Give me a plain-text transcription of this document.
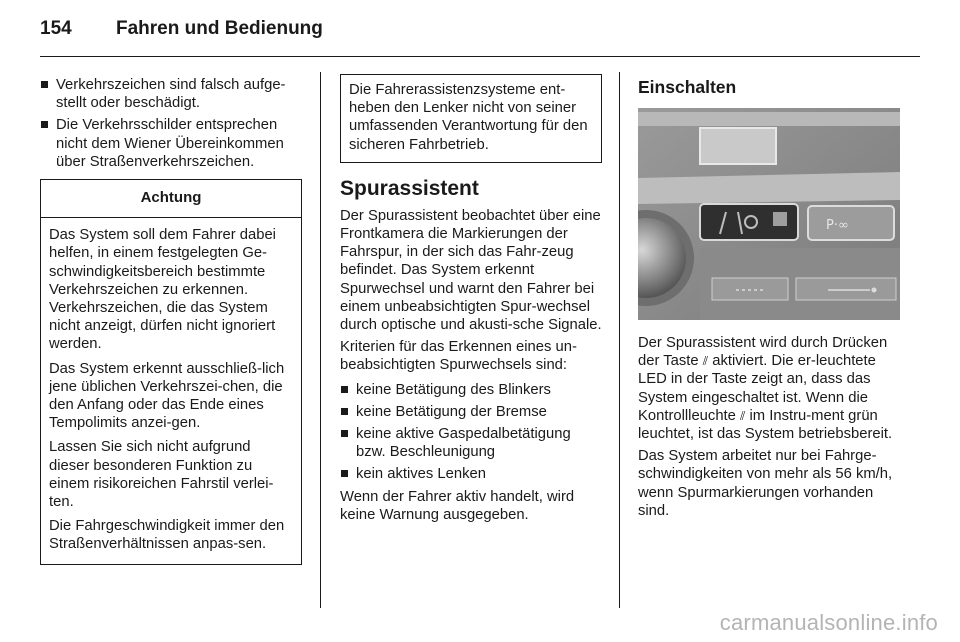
154	Fahren und Bedienung
Verkehrszeichen sind falsch aufge-stellt oder beschädigt.
Die Verkehrsschilder entsprechen nicht dem Wiener Übereinkommen über Straßenverkehrszeichen.
Achtung

Das System soll dem Fahrer dabei helfen, in einem festgelegten Ge-schwindigkeitsbereich bestimmte Verkehrszeichen zu erkennen. Verkehrszeichen, die das System nicht anzeigt, dürfen nicht ignoriert werden.

Das System erkennt ausschließ-lich jene üblichen Verkehrszei-chen, die den Anfang oder das Ende eines Tempolimits anzei-gen.

Lassen Sie sich nicht aufgrund dieser besonderen Funktion zu einem risikoreichen Fahrstil verlei-ten.

Die Fahrgeschwindigkeit immer den Straßenverhältnissen anpas-sen.

Die Fahrerassistenzsysteme ent-heben den Lenker nicht von seiner umfassenden Verantwortung für den sicheren Fahrbetrieb.

Spurassistent

Der Spurassistent beobachtet über eine Frontkamera die Markierungen der Fahrspur, in der sich das Fahr-zeug befindet. Das System erkennt Spurwechsel und warnt den Fahrer bei einem unbeabsichtigten Spur-wechsel durch optische und akusti-sche Signale.

Kriterien für das Erkennen eines un-beabsichtigten Spurwechsels sind:

keine Betätigung des Blinkers
keine Betätigung der Bremse
keine aktive Gaspedalbetätigung bzw. Beschleunigung
kein aktives Lenken

Wenn der Fahrer aktiv handelt, wird keine Warnung ausgegeben.

Einschalten
P·∞

Der Spurassistent wird durch Drücken der Taste ⫽ aktiviert. Die er-leuchtete LED in der Taste zeigt an, dass das System eingeschaltet ist. Wenn die Kontrollleuchte ⫽ im Instru-ment grün leuchtet, ist das System betriebsbereit.

Das System arbeitet nur bei Fahrge-schwindigkeiten von mehr als 56 km/h, wenn Spurmarkierungen vorhanden sind.

carmanualsonline.info
